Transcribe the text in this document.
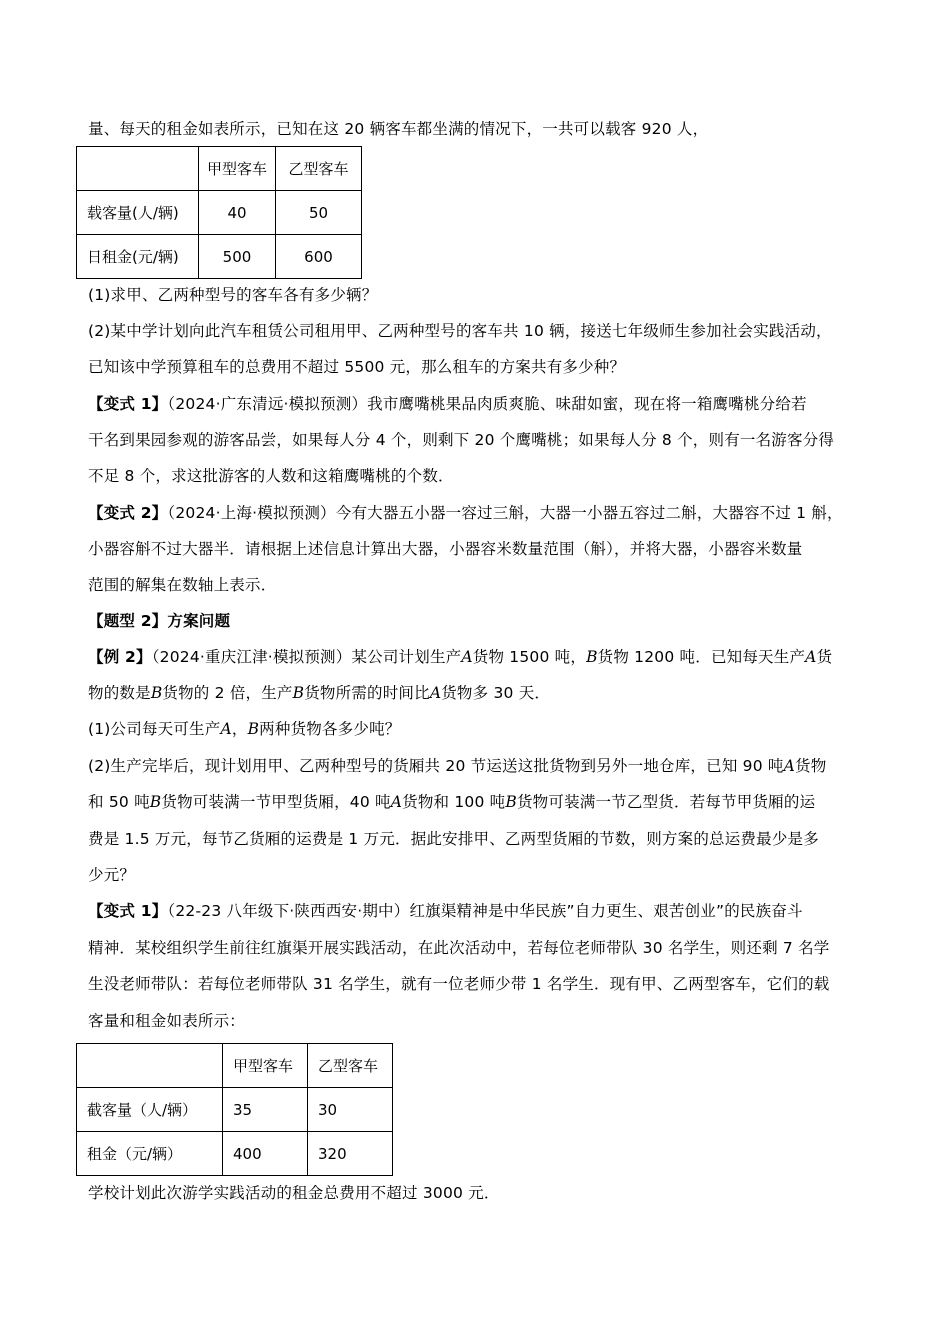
量、每天的租金如表所示，已知在这 20 辆客车都坐满的情况下，一共可以载客 920 人，
	甲型客车	乙型客车
载客量(人/辆)	40	50
日租金(元/辆)	500	600
(1)求甲、乙两种型号的客车各有多少辆？
(2)某中学计划向此汽车租赁公司租用甲、乙两种型号的客车共 10 辆，接送七年级师生参加社会实践活动，
已知该中学预算租车的总费用不超过 5500 元，那么租车的方案共有多少种？
【变式 1】（2024·广东清远·模拟预测）我市鹰嘴桃果品肉质爽脆、味甜如蜜，现在将一箱鹰嘴桃分给若
干名到果园参观的游客品尝，如果每人分 4 个，则剩下 20 个鹰嘴桃；如果每人分 8 个，则有一名游客分得
不足 8 个，求这批游客的人数和这箱鹰嘴桃的个数．
【变式 2】（2024·上海·模拟预测）今有大器五小器一容过三斛，大器一小器五容过二斛，大器容不过 1 斛，
小器容斛不过大器半．请根据上述信息计算出大器，小器容米数量范围（斛），并将大器，小器容米数量
范围的解集在数轴上表示．
【题型 2】方案问题
【例 2】（2024·重庆江津·模拟预测）某公司计划生产A货物 1500 吨，B货物 1200 吨．已知每天生产A货
物的数是B货物的 2 倍，生产B货物所需的时间比A货物多 30 天．
(1)公司每天可生产A，B两种货物各多少吨？
(2)生产完毕后，现计划用甲、乙两种型号的货厢共 20 节运送这批货物到另外一地仓库，已知 90 吨A货物
和 50 吨B货物可装满一节甲型货厢，40 吨A货物和 100 吨B货物可装满一节乙型货．若每节甲货厢的运
费是 1.5 万元，每节乙货厢的运费是 1 万元．据此安排甲、乙两型货厢的节数，则方案的总运费最少是多
少元？
【变式 1】（22-23 八年级下·陕西西安·期中）红旗渠精神是中华民族”自力更生、艰苦创业”的民族奋斗
精神．某校组织学生前往红旗渠开展实践活动，在此次活动中，若每位老师带队 30 名学生，则还剩 7 名学
生没老师带队：若每位老师带队 31 名学生，就有一位老师少带 1 名学生．现有甲、乙两型客车，它们的载
客量和租金如表所示：
	甲型客车	乙型客车
截客量（人/辆）	35	30
租金（元/辆）	400	320
学校计划此次游学实践活动的租金总费用不超过 3000 元．
